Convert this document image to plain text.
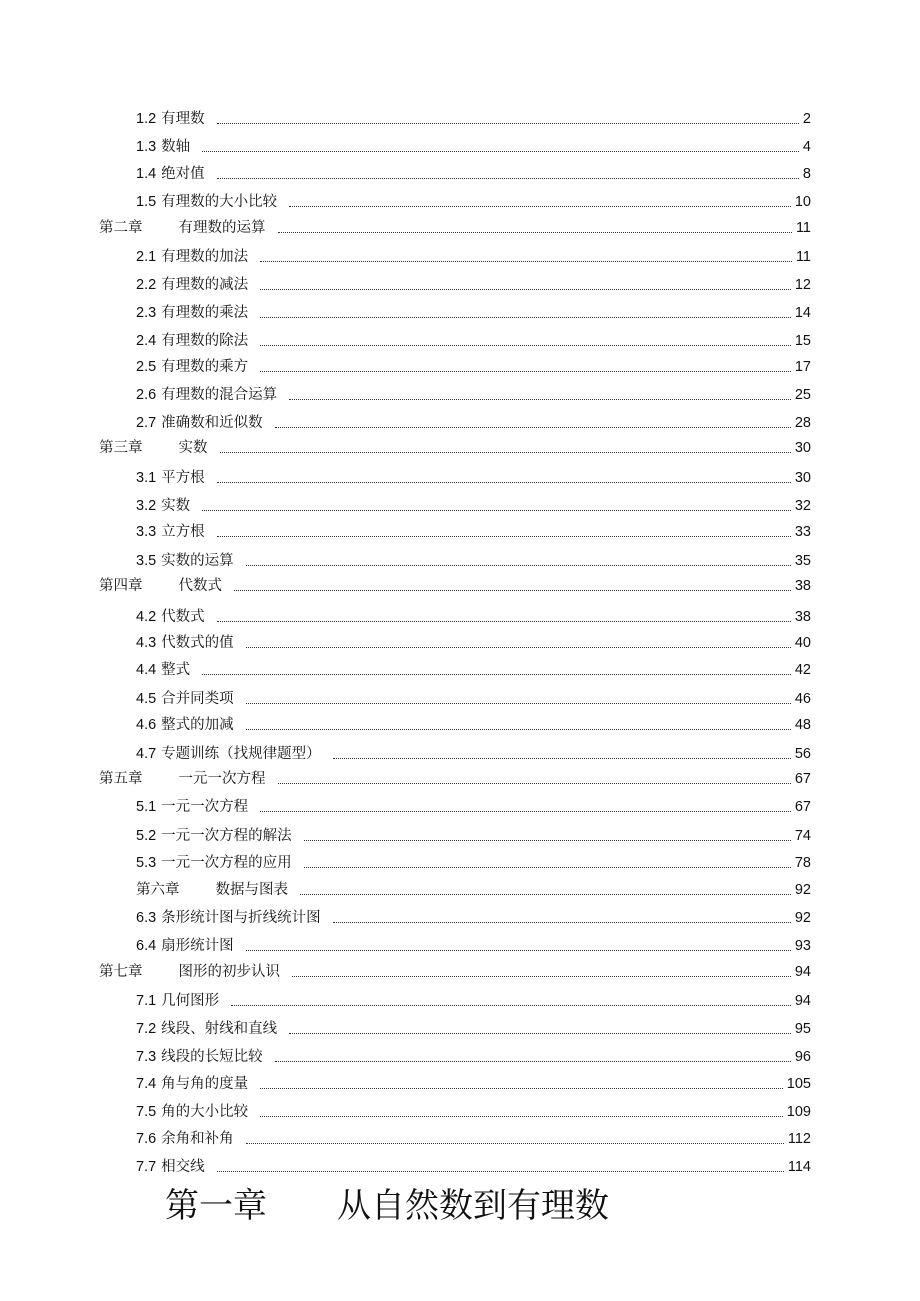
1.2 有理数	2
1.3 数轴	4
1.4 绝对值	8
1.5 有理数的大小比较	10
第二章 有理数的运算	11
2.1 有理数的加法	11
2.2 有理数的减法	12
2.3 有理数的乘法	14
2.4 有理数的除法	15
2.5 有理数的乘方	17
2.6 有理数的混合运算	25
2.7 准确数和近似数	28
第三章 实数	30
3.1 平方根	30
3.2 实数	32
3.3 立方根	33
3.5 实数的运算	35
第四章 代数式	38
4.2 代数式	38
4.3 代数式的值	40
4.4 整式	42
4.5 合并同类项	46
4.6 整式的加减	48
4.7 专题训练（找规律题型）	56
第五章 一元一次方程	67
5.1 一元一次方程	67
5.2 一元一次方程的解法	74
5.3 一元一次方程的应用	78
第六章 数据与图表	92
6.3 条形统计图与折线统计图	92
6.4 扇形统计图	93
第七章 图形的初步认识	94
7.1 几何图形	94
7.2 线段、射线和直线	95
7.3 线段的长短比较	96
7.4 角与角的度量	105
7.5 角的大小比较	109
7.6 余角和补角	112
7.7 相交线	114
第一章 从自然数到有理数
